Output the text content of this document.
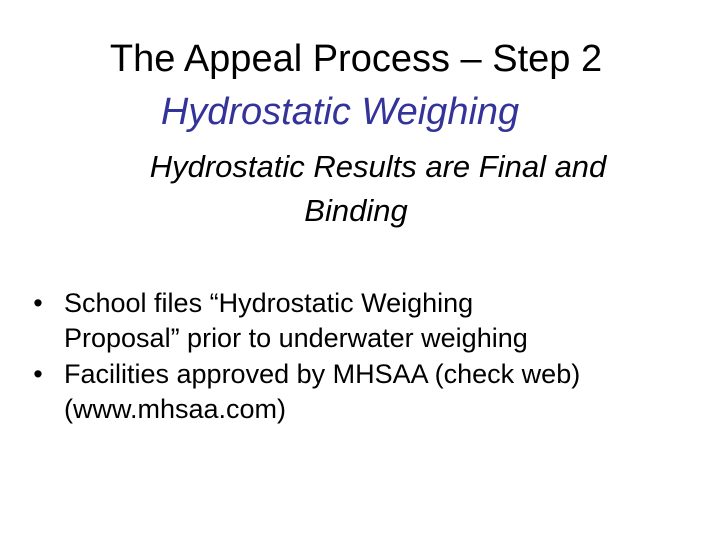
The Appeal Process – Step 2
Hydrostatic Weighing
Hydrostatic Results are Final and
Binding
• School files “Hydrostatic Weighing
Proposal” prior to underwater weighing
• Facilities approved by MHSAA (check web)
(www.mhsaa.com)
